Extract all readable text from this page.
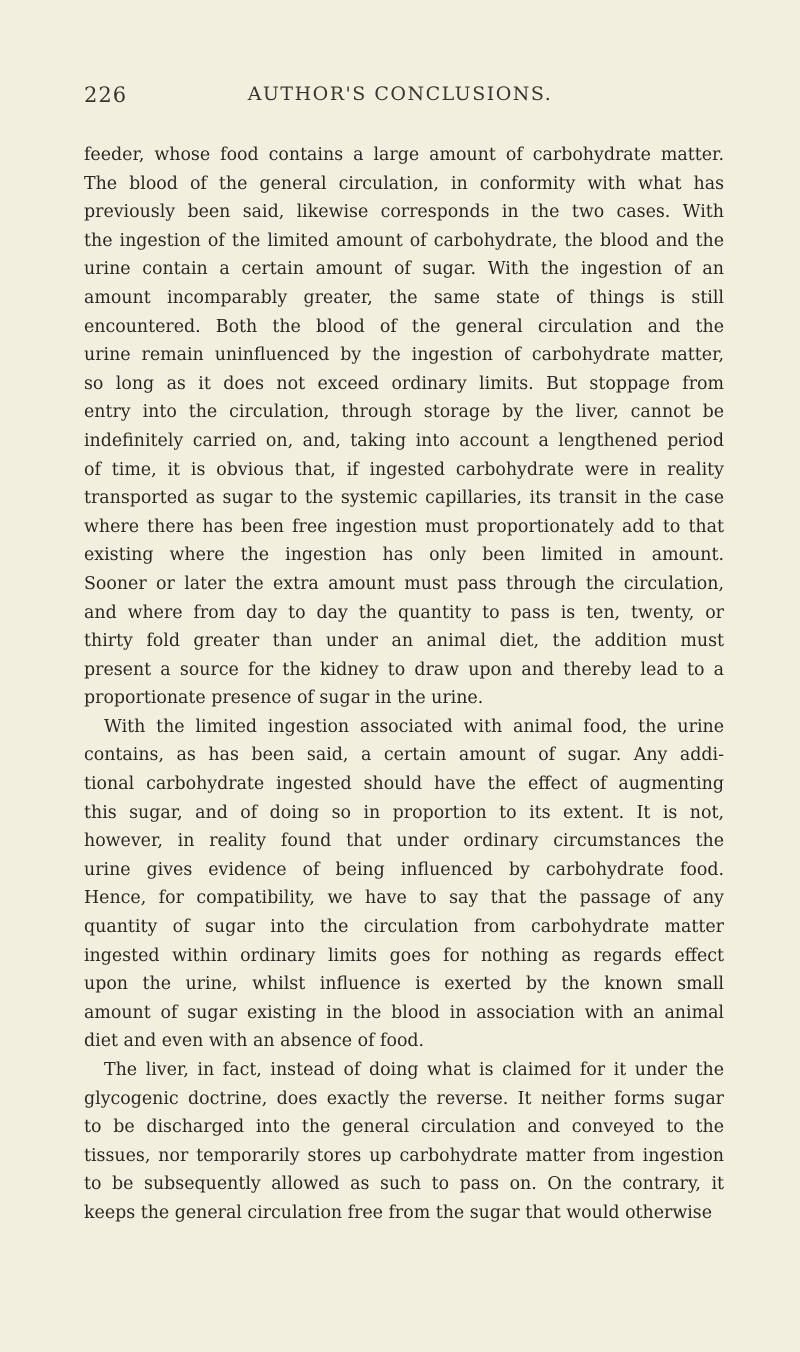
226	AUTHOR'S CONCLUSIONS.
feeder, whose food contains a large amount of carbohydrate matter.
The blood of the general circulation, in conformity with what has
previously been said, likewise corresponds in the two cases. With
the ingestion of the limited amount of carbohydrate, the blood and the
urine contain a certain amount of sugar. With the ingestion of an
amount incomparably greater, the same state of things is still
encountered. Both the blood of the general circulation and the
urine remain uninfluenced by the ingestion of carbohydrate matter,
so long as it does not exceed ordinary limits. But stoppage from
entry into the circulation, through storage by the liver, cannot be
indefinitely carried on, and, taking into account a lengthened period
of time, it is obvious that, if ingested carbohydrate were in reality
transported as sugar to the systemic capillaries, its transit in the case
where there has been free ingestion must proportionately add to that
existing where the ingestion has only been limited in amount.
Sooner or later the extra amount must pass through the circulation,
and where from day to day the quantity to pass is ten, twenty, or
thirty fold greater than under an animal diet, the addition must
present a source for the kidney to draw upon and thereby lead to a
proportionate presence of sugar in the urine.
With the limited ingestion associated with animal food, the urine
contains, as has been said, a certain amount of sugar. Any addi-
tional carbohydrate ingested should have the effect of augmenting
this sugar, and of doing so in proportion to its extent. It is not,
however, in reality found that under ordinary circumstances the
urine gives evidence of being influenced by carbohydrate food.
Hence, for compatibility, we have to say that the passage of any
quantity of sugar into the circulation from carbohydrate matter
ingested within ordinary limits goes for nothing as regards effect
upon the urine, whilst influence is exerted by the known small
amount of sugar existing in the blood in association with an animal
diet and even with an absence of food.
The liver, in fact, instead of doing what is claimed for it under the
glycogenic doctrine, does exactly the reverse. It neither forms sugar
to be discharged into the general circulation and conveyed to the
tissues, nor temporarily stores up carbohydrate matter from ingestion
to be subsequently allowed as such to pass on. On the contrary, it
keeps the general circulation free from the sugar that would otherwise
